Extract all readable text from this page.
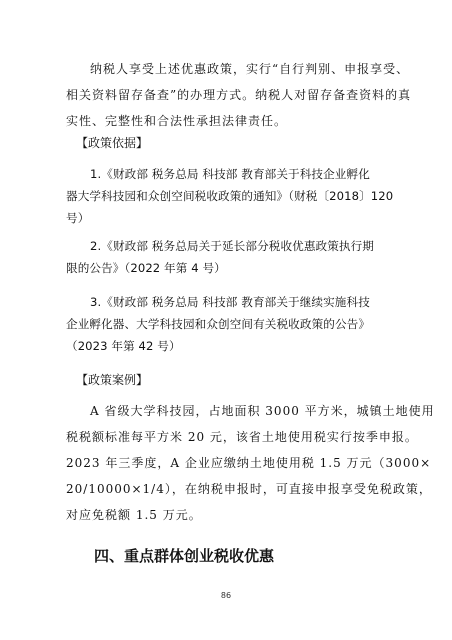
纳税人享受上述优惠政策，实行“自行判别、申报享受、
相关资料留存备查”的办理方式。纳税人对留存备查资料的真
实性、完整性和合法性承担法律责任。

【政策依据】

1.《财政部 税务总局 科技部 教育部关于科技企业孵化
器大学科技园和众创空间税收政策的通知》（财税〔2018〕120
号）
2.《财政部 税务总局关于延长部分税收优惠政策执行期
限的公告》（2022 年第 4 号）
3.《财政部 税务总局 科技部 教育部关于继续实施科技
企业孵化器、大学科技园和众创空间有关税收政策的公告》
（2023 年第 42 号）

【政策案例】

A 省级大学科技园，占地面积 3000 平方米，城镇土地使用
税税额标准每平方米 20 元，该省土地使用税实行按季申报。
2023 年三季度，A 企业应缴纳土地使用税 1.5 万元（3000×
20/10000×1/4），在纳税申报时，可直接申报享受免税政策，
对应免税额 1.5 万元。
四、重点群体创业税收优惠
86
